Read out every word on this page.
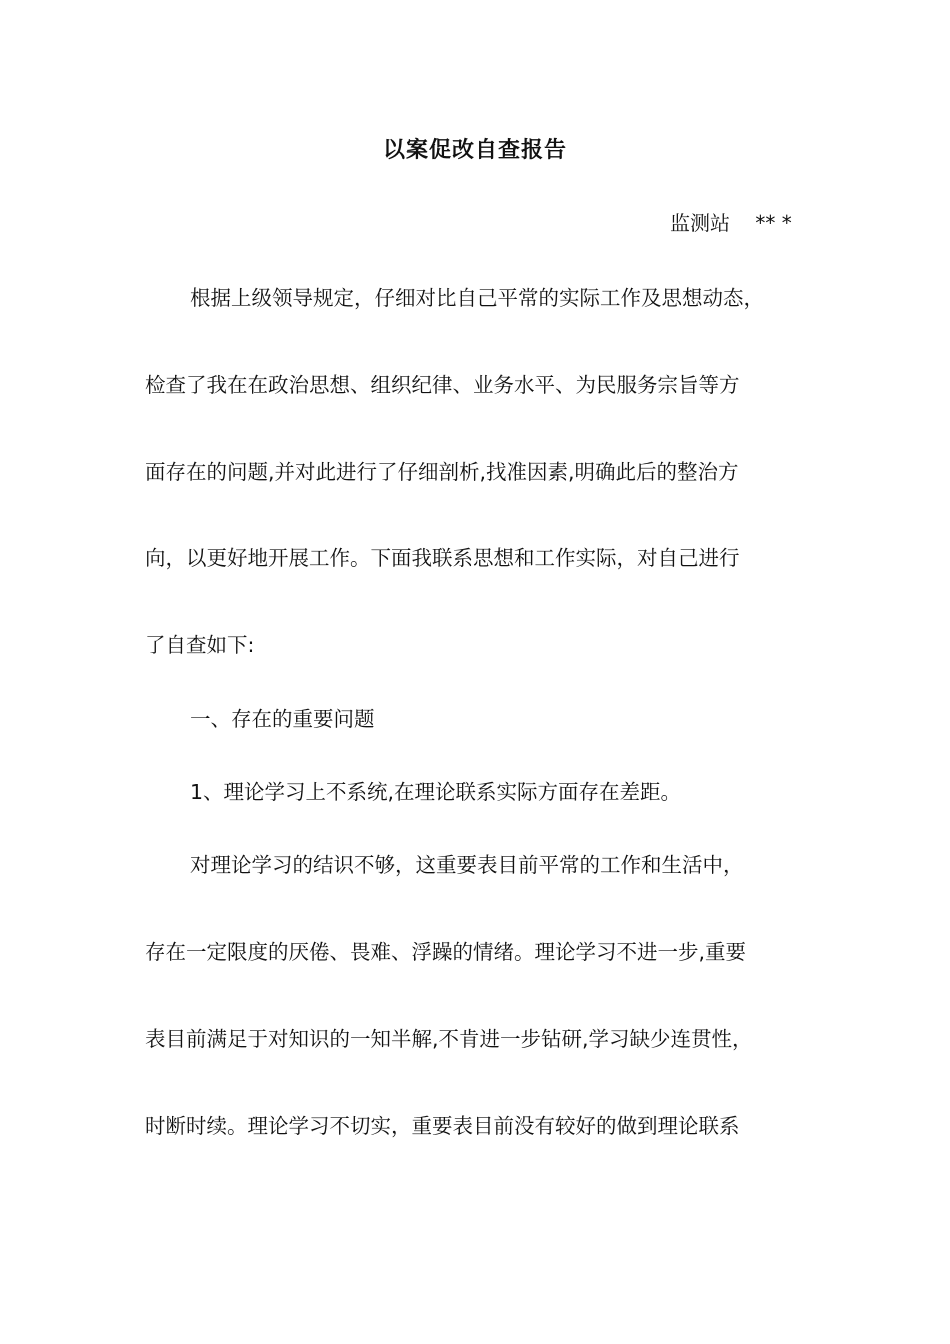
以案促改自查报告
监测站    ** *
根据上级领导规定，仔细对比自己平常的实际工作及思想动态，
检查了我在在政治思想、组织纪律、业务水平、为民服务宗旨等方
面存在的问题,并对此进行了仔细剖析,找准因素,明确此后的整治方
向，以更好地开展工作。下面我联系思想和工作实际，对自己进行
了自查如下:
一、存在的重要问题
1、理论学习上不系统,在理论联系实际方面存在差距。
对理论学习的结识不够，这重要表目前平常的工作和生活中，
存在一定限度的厌倦、畏难、浮躁的情绪。理论学习不进一步,重要
表目前满足于对知识的一知半解,不肯进一步钻研,学习缺少连贯性，
时断时续。理论学习不切实，重要表目前没有较好的做到理论联系
